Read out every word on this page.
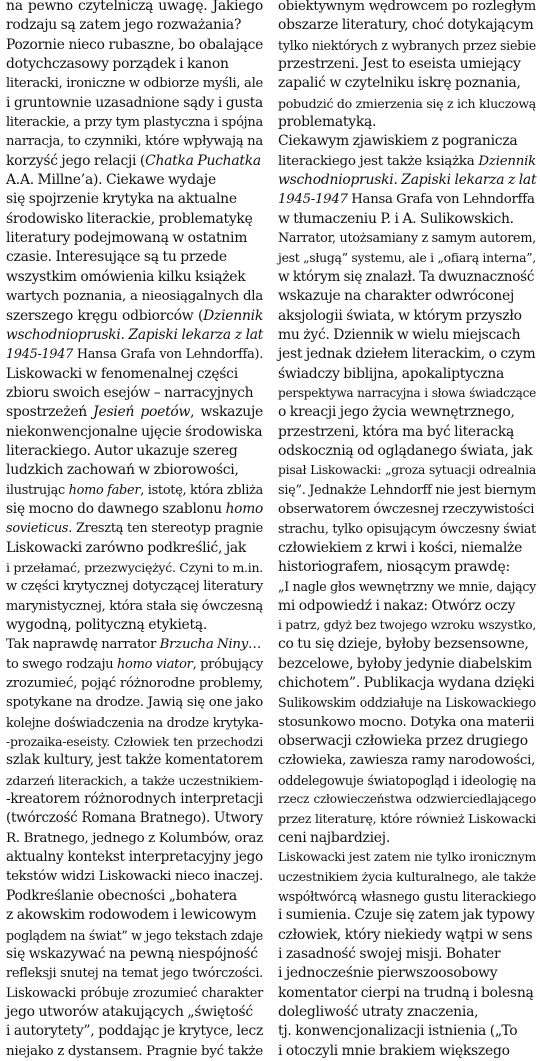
na pewno czytelniczą uwagę. Jakiego
rodzaju są zatem jego rozważania?
Pozornie nieco rubaszne, bo obalające
dotychczasowy porządek i kanon
literacki, ironiczne w odbiorze myśli, ale
i gruntownie uzasadnione sądy i gusta
literackie, a przy tym plastyczna i spójna
narracja, to czynniki, które wpływają na
korzyść jego relacji (Chatka Puchatka
A.A. Millne’a). Ciekawe wydaje
się spojrzenie krytyka na aktualne
środowisko literackie, problematykę
literatury podejmowaną w ostatnim
czasie. Interesujące są tu przede
wszystkim omówienia kilku książek
wartych poznania, a nieosiągalnych dla
szerszego kręgu odbiorców (Dziennik
wschodniopruski. Zapiski lekarza z lat
1945-1947 Hansa Grafa von Lehndorffa).
Liskowacki w fenomenalnej części
zbioru swoich esejów – narracyjnych
spostrzeżeń Jesień poetów, wskazuje
niekonwencjonalne ujęcie środowiska
literackiego. Autor ukazuje szereg
ludzkich zachowań w zbiorowości,
ilustrując homo faber, istotę, która zbliża
się mocno do dawnego szablonu homo
sovieticus. Zresztą ten stereotyp pragnie
Liskowacki zarówno podkreślić, jak
i przełamać, przezwyciężyć. Czyni to m.in.
w części krytycznej dotyczącej literatury
marynistycznej, która stała się ówczesną
wygodną, polityczną etykietą.
Tak naprawdę narrator Brzucha Niny…
to swego rodzaju homo viator, próbujący
zrozumieć, pojąć różnorodne problemy,
spotykane na drodze. Jawią się one jako
kolejne doświadczenia na drodze krytyka-
-prozaika-eseisty. Człowiek ten przechodzi
szlak kultury, jest także komentatorem
zdarzeń literackich, a także uczestnikiem-
-kreatorem różnorodnych interpretacji
(twórczość Romana Bratnego). Utwory
R. Bratnego, jednego z Kolumbów, oraz
aktualny kontekst interpretacyjny jego
tekstów widzi Liskowacki nieco inaczej.
Podkreślanie obecności „bohatera
z akowskim rodowodem i lewicowym
poglądem na świat” w jego tekstach zdaje
się wskazywać na pewną niespójność
refleksji snutej na temat jego twórczości.
Liskowacki próbuje zrozumieć charakter
jego utworów atakujących „świętość
i autorytety”, poddając je krytyce, lecz
niejako z dystansem. Pragnie być także
obiektywnym wędrowcem po rozległym
obszarze literatury, choć dotykającym
tylko niektórych z wybranych przez siebie
przestrzeni. Jest to eseista umiejący
zapalić w czytelniku iskrę poznania,
pobudzić do zmierzenia się z ich kluczową
problematyką.
Ciekawym zjawiskiem z pogranicza
literackiego jest także książka Dziennik
wschodniopruski. Zapiski lekarza z lat
1945-1947 Hansa Grafa von Lehndorffa
w tłumaczeniu P. i A. Sulikowskich.
Narrator, utożsamiany z samym autorem,
jest „sługą” systemu, ale i „ofiarą interna”,
w którym się znalazł. Ta dwuznaczność
wskazuje na charakter odwróconej
aksjologii świata, w którym przyszło
mu żyć. Dziennik w wielu miejscach
jest jednak dziełem literackim, o czym
świadczy biblijna, apokaliptyczna
perspektywa narracyjna i słowa świadczące
o kreacji jego życia wewnętrznego,
przestrzeni, która ma być literacką
odskocznią od oglądanego świata, jak
pisał Liskowacki: „groza sytuacji odrealnia
się”. Jednakże Lehndorff nie jest biernym
obserwatorem ówczesnej rzeczywistości
strachu, tylko opisującym ówczesny świat
człowiekiem z krwi i kości, niemalże
historiografem, niosącym prawdę:
„I nagle głos wewnętrzny we mnie, dający
mi odpowiedź i nakaz: Otwórz oczy
i patrz, gdyż bez twojego wzroku wszystko,
co tu się dzieje, byłoby bezsensowne,
bezcelowe, byłoby jedynie diabelskim
chichotem”. Publikacja wydana dzięki
Sulikowskim oddziałuje na Liskowackiego
stosunkowo mocno. Dotyka ona materii
obserwacji człowieka przez drugiego
człowieka, zawiesza ramy narodowości,
oddelegowuje światopogląd i ideologię na
rzecz człowieczeństwa odzwierciedlającego
przez literaturę, które również Liskowacki
ceni najbardziej.
Liskowacki jest zatem nie tylko ironicznym
uczestnikiem życia kulturalnego, ale także
współtwórcą własnego gustu literackiego
i sumienia. Czuje się zatem jak typowy
człowiek, który niekiedy wątpi w sens
i zasadność swojej misji. Bohater
i jednocześnie pierwszoosobowy
komentator cierpi na trudną i bolesną
dolegliwość utraty znaczenia,
tj. konwencjonalizacji istnienia („To
i otoczyli mnie brakiem większego
